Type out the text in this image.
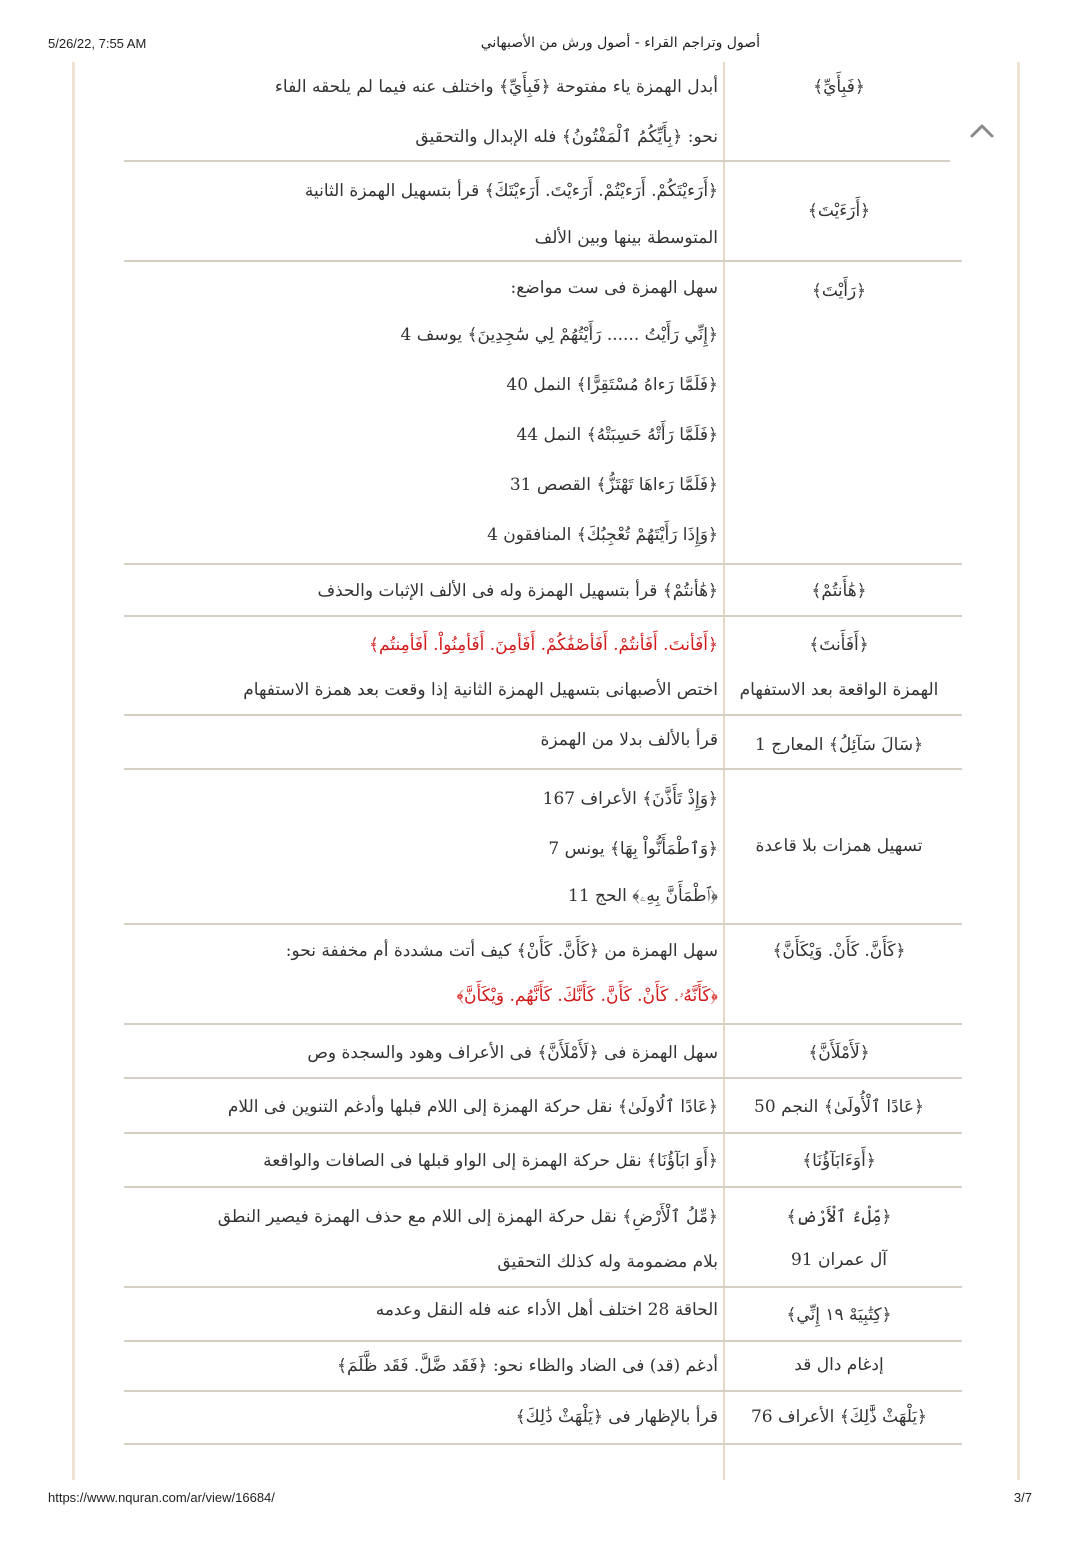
5/26/22, 7:55 AM	أصول وتراجم القراء - أصول ورش من الأصبهاني
﴿فَبِأَيِّ﴾
أبدل الهمزة ياء مفتوحة ﴿فَبِأَيِّ﴾ واختلف عنه فيما لم يلحقه الفاء
نحو: ﴿بِأَيِّكُمُ ٱلْمَفْتُونُ﴾ فله الإبدال والتحقيق
﴿أَرَءَيْتَ﴾
﴿أَرَءيْتَكُمْ. أَرَءيْتُمْ. أَرَءيْتَ. أَرَءيْتَكَ﴾ قرأ بتسهيل الهمزة الثانية
المتوسطة بينها وبين الألف
﴿رَأَيْتَ﴾
سهل الهمزة فى ست مواضع:
﴿إِنِّي رَأَيْتُ ...... رَأَيْتُهُمْ لِي سَٰجِدِينَ﴾ يوسف 4
﴿فَلَمَّا رَءاهُ مُسْتَقِرًّا﴾ النمل 40
﴿فَلَمَّا رَأَتْهُ حَسِبَتْهُ﴾ النمل 44
﴿فَلَمَّا رَءاهَا تَهْتَزُّ﴾ القصص 31
﴿وَإِذَا رَأَيْتَهُمْ تُعْجِبُكَ﴾ المنافقون 4
﴿هَٰأَنتُمْ﴾
﴿هَٰأنتُمْ﴾ قرأ بتسهيل الهمزة وله فى الألف الإثبات والحذف
﴿أَفَأَنتَ﴾
الهمزة الواقعة بعد الاستفهام
﴿أَفَأنتَ. أَفَأنتُمْ. أَفَأصْفَٰكُمْ. أَفَأمِنَ. أَفَأمِنُواْ. أَفَأمِنتُم﴾
اختص الأصبهانى بتسهيل الهمزة الثانية إذا وقعت بعد همزة الاستفهام
﴿سَالَ سَآئِلُ﴾ المعارج 1
قرأ بالألف بدلا من الهمزة
تسهيل همزات بلا قاعدة
﴿وَإِذْ تَأَذَّنَ﴾ الأعراف 167
﴿وَٱطْمَأَنُّواْ بِهَا﴾ يونس 7
﴿ٱطْمَأَنَّ بِهِۦ﴾ الحج 11
﴿كَأَنَّ. كَأَنْ. وَيْكَأَنَّ﴾
سهل الهمزة من ﴿كَأَنَّ. كَأَنْ﴾ كيف أتت مشددة أم مخففة نحو:
﴿كَأَنَّهُۥ. كَأَنْ. كَأَنَّ. كَأَنَّكَ. كَأَنَّهُم. وَيْكَأَنَّ﴾
﴿لَأَمْلَأَنَّ﴾
سهل الهمزة فى ﴿لَأَمْلَأَنَّ﴾ فى الأعراف وهود والسجدة وص
﴿عَادًا ٱلْأُولَىٰ﴾ النجم 50
﴿عَادًا ٱلُاولَىٰ﴾ نقل حركة الهمزة إلى اللام قبلها وأدغم التنوين فى اللام
﴿أَوَءَابَآؤُنَا﴾
﴿أَوَ ابَآؤُنَا﴾ نقل حركة الهمزة إلى الواو قبلها فى الصافات والواقعة
﴿مِّلْءُ ٱلْأَرْضِ﴾
آل عمران 91
﴿مِّلُ ٱلْأَرْضِ﴾ نقل حركة الهمزة إلى اللام مع حذف الهمزة فيصير النطق
بلام مضمومة وله كذلك التحقيق
﴿كِتَٰبِيَهْ ١٩ إِنِّي﴾
الحاقة 28 اختلف أهل الأداء عنه فله النقل وعدمه
إدغام دال قد
أدغم (قد) فى الضاد والظاء نحو: ﴿فَقَد ضَّلَّ. فَقَد ظَّلَمَ﴾
﴿يَلْهَثْ ذَّٰلِكَ﴾ الأعراف 76
قرأ بالإظهار فى ﴿يَلْهَثْ ذَٰلِكَ﴾
https://www.nquran.com/ar/view/16684/	3/7
